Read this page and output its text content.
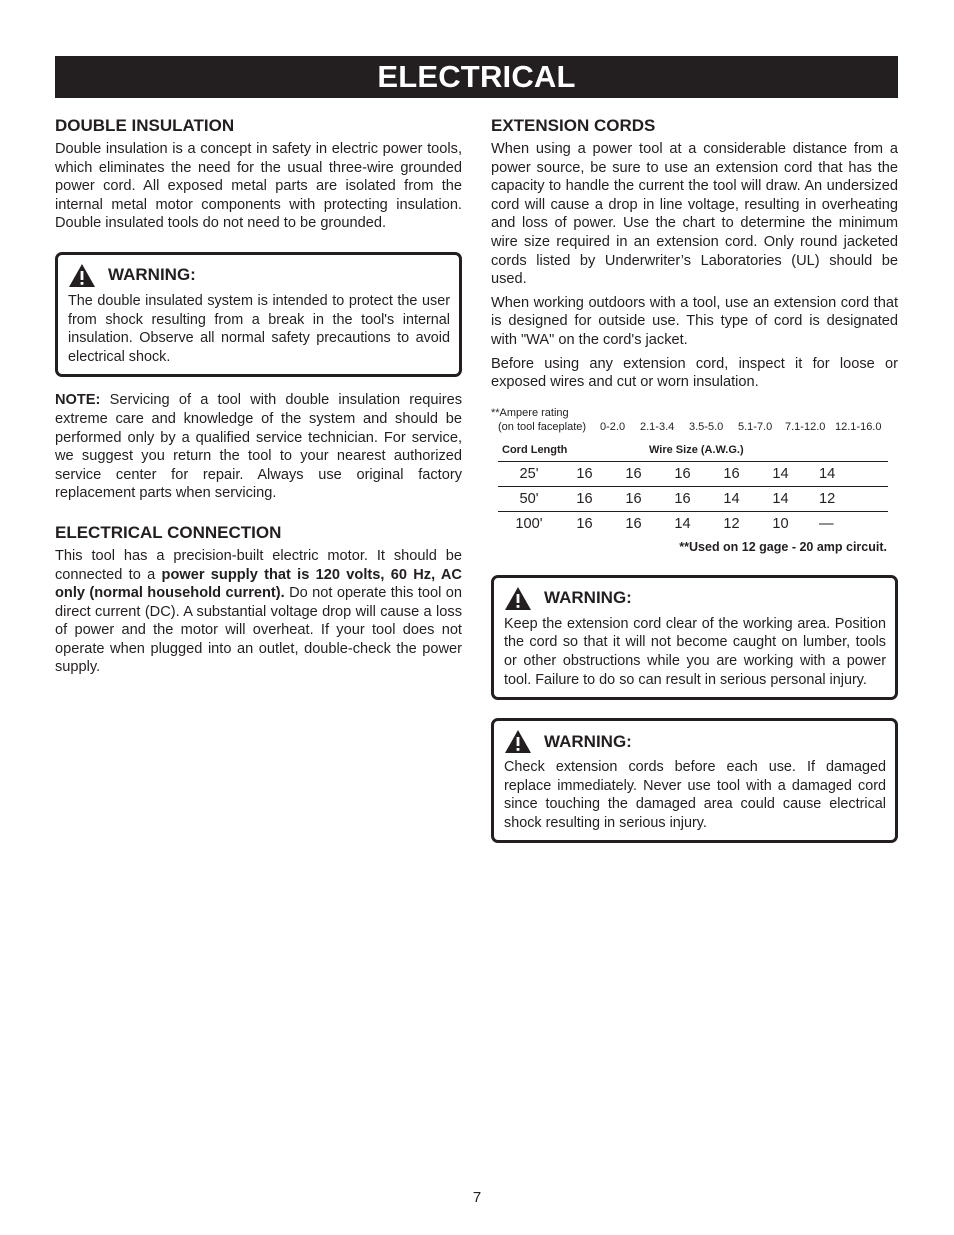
ELECTRICAL
DOUBLE INSULATION

Double insulation is a concept in safety in electric power tools, which eliminates the need for the usual three-wire grounded power cord. All exposed metal parts are isolated from the internal metal motor components with protecting insulation. Double insulated tools do not need to be grounded.

WARNING:

The double insulated system is intended to protect the user from shock resulting from a break in the tool's internal insulation. Observe all normal safety precautions to avoid electrical shock.

NOTE: Servicing of a tool with double insulation requires extreme care and knowledge of the system and should be performed only by a qualified service technician. For service, we suggest you return the tool to your nearest authorized service center for repair. Always use original factory replacement parts when servicing.

ELECTRICAL CONNECTION

This tool has a precision-built electric motor. It should be connected to a power supply that is 120 volts, 60 Hz, AC only (normal household current). Do not operate this tool on direct current (DC). A substantial voltage drop will cause a loss of power and the motor will overheat. If your tool does not operate when plugged into an outlet, double-check the power supply.

EXTENSION CORDS

When using a power tool at a considerable distance from a power source, be sure to use an extension cord that has the capacity to handle the current the tool will draw. An undersized cord will cause a drop in line voltage, resulting in overheating and loss of power. Use the chart to determine the minimum wire size required in an extension cord. Only round jacketed cords listed by Underwriter’s Laboratories (UL) should be used.

When working outdoors with a tool, use an extension cord that is designed for outside use. This type of cord is designated with "WA" on the cord's jacket.

Before using any extension cord, inspect it for loose or exposed wires and cut or worn insulation.

**Ampere rating
(on tool faceplate)	0-2.0	2.1-3.4	3.5-5.0	5.1-7.0	7.1-12.0 12.1-16.0
Cord Length		Wire Size (A.W.G.)				
25'	16	16	16	16	14	14
50'	16	16	16	14	14	12
100'	16	16	14	12	10	—
**Used on 12 gage - 20 amp circuit.
WARNING:

Keep the extension cord clear of the working area. Position the cord so that it will not become caught on lumber, tools or other obstructions while you are working with a power tool. Failure to do so can result in serious personal injury.

WARNING:

Check extension cords before each use. If damaged replace immediately. Never use tool with a damaged cord since touching the damaged area could cause electrical shock resulting in serious injury.

7
